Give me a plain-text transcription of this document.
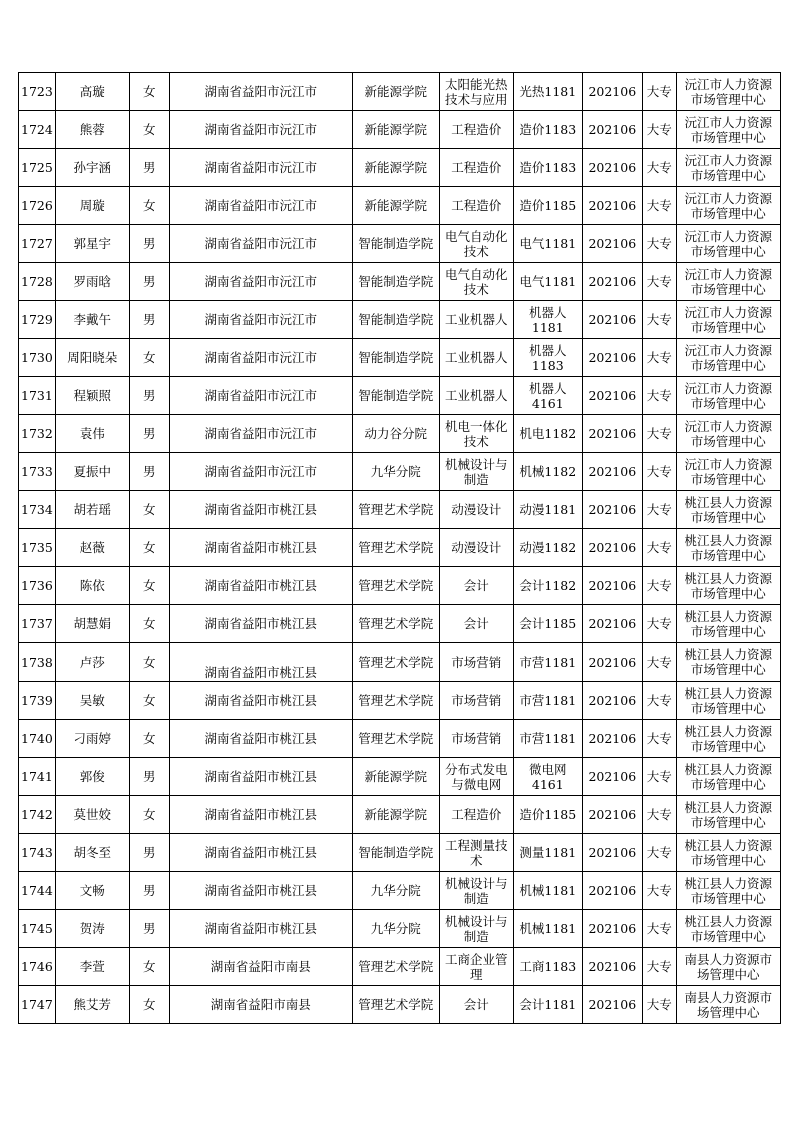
1723	高璇	女	湖南省益阳市沅江市	新能源学院	太阳能光热技术与应用	光热1181	202106	大专	沅江市人力资源市场管理中心

1724	熊蓉	女	湖南省益阳市沅江市	新能源学院	工程造价	造价1183	202106	大专	沅江市人力资源市场管理中心

1725	孙宇涵	男	湖南省益阳市沅江市	新能源学院	工程造价	造价1183	202106	大专	沅江市人力资源市场管理中心

1726	周璇	女	湖南省益阳市沅江市	新能源学院	工程造价	造价1185	202106	大专	沅江市人力资源市场管理中心

1727	郭星宇	男	湖南省益阳市沅江市	智能制造学院	电气自动化技术	电气1181	202106	大专	沅江市人力资源市场管理中心

1728	罗雨晗	男	湖南省益阳市沅江市	智能制造学院	电气自动化技术	电气1181	202106	大专	沅江市人力资源市场管理中心

1729	李戴午	男	湖南省益阳市沅江市	智能制造学院	工业机器人	机器人1181	202106	大专	沅江市人力资源市场管理中心

1730	周阳晓朵	女	湖南省益阳市沅江市	智能制造学院	工业机器人	机器人1183	202106	大专	沅江市人力资源市场管理中心

1731	程颖照	男	湖南省益阳市沅江市	智能制造学院	工业机器人	机器人4161	202106	大专	沅江市人力资源市场管理中心

1732	袁伟	男	湖南省益阳市沅江市	动力谷分院	机电一体化技术	机电1182	202106	大专	沅江市人力资源市场管理中心

1733	夏振中	男	湖南省益阳市沅江市	九华分院	机械设计与制造	机械1182	202106	大专	沅江市人力资源市场管理中心

1734	胡若瑶	女	湖南省益阳市桃江县	管理艺术学院	动漫设计	动漫1181	202106	大专	桃江县人力资源市场管理中心

1735	赵薇	女	湖南省益阳市桃江县	管理艺术学院	动漫设计	动漫1182	202106	大专	桃江县人力资源市场管理中心

1736	陈依	女	湖南省益阳市桃江县	管理艺术学院	会计	会计1182	202106	大专	桃江县人力资源市场管理中心

1737	胡慧娟	女	湖南省益阳市桃江县	管理艺术学院	会计	会计1185	202106	大专	桃江县人力资源市场管理中心

1738	卢莎	女	湖南省益阳市桃江县	管理艺术学院	市场营销	市营1181	202106	大专	桃江县人力资源市场管理中心

1739	吴敏	女	湖南省益阳市桃江县	管理艺术学院	市场营销	市营1181	202106	大专	桃江县人力资源市场管理中心

1740	刁雨婷	女	湖南省益阳市桃江县	管理艺术学院	市场营销	市营1181	202106	大专	桃江县人力资源市场管理中心

1741	郭俊	男	湖南省益阳市桃江县	新能源学院	分布式发电与微电网	微电网4161	202106	大专	桃江县人力资源市场管理中心

1742	莫世姣	女	湖南省益阳市桃江县	新能源学院	工程造价	造价1185	202106	大专	桃江县人力资源市场管理中心

1743	胡冬至	男	湖南省益阳市桃江县	智能制造学院	工程测量技术	测量1181	202106	大专	桃江县人力资源市场管理中心

1744	文畅	男	湖南省益阳市桃江县	九华分院	机械设计与制造	机械1181	202106	大专	桃江县人力资源市场管理中心

1745	贺涛	男	湖南省益阳市桃江县	九华分院	机械设计与制造	机械1181	202106	大专	桃江县人力资源市场管理中心

1746	李萱	女	湖南省益阳市南县	管理艺术学院	工商企业管理	工商1183	202106	大专	南县人力资源市场管理中心

1747	熊艾芳	女	湖南省益阳市南县	管理艺术学院	会计	会计1181	202106	大专	南县人力资源市场管理中心
